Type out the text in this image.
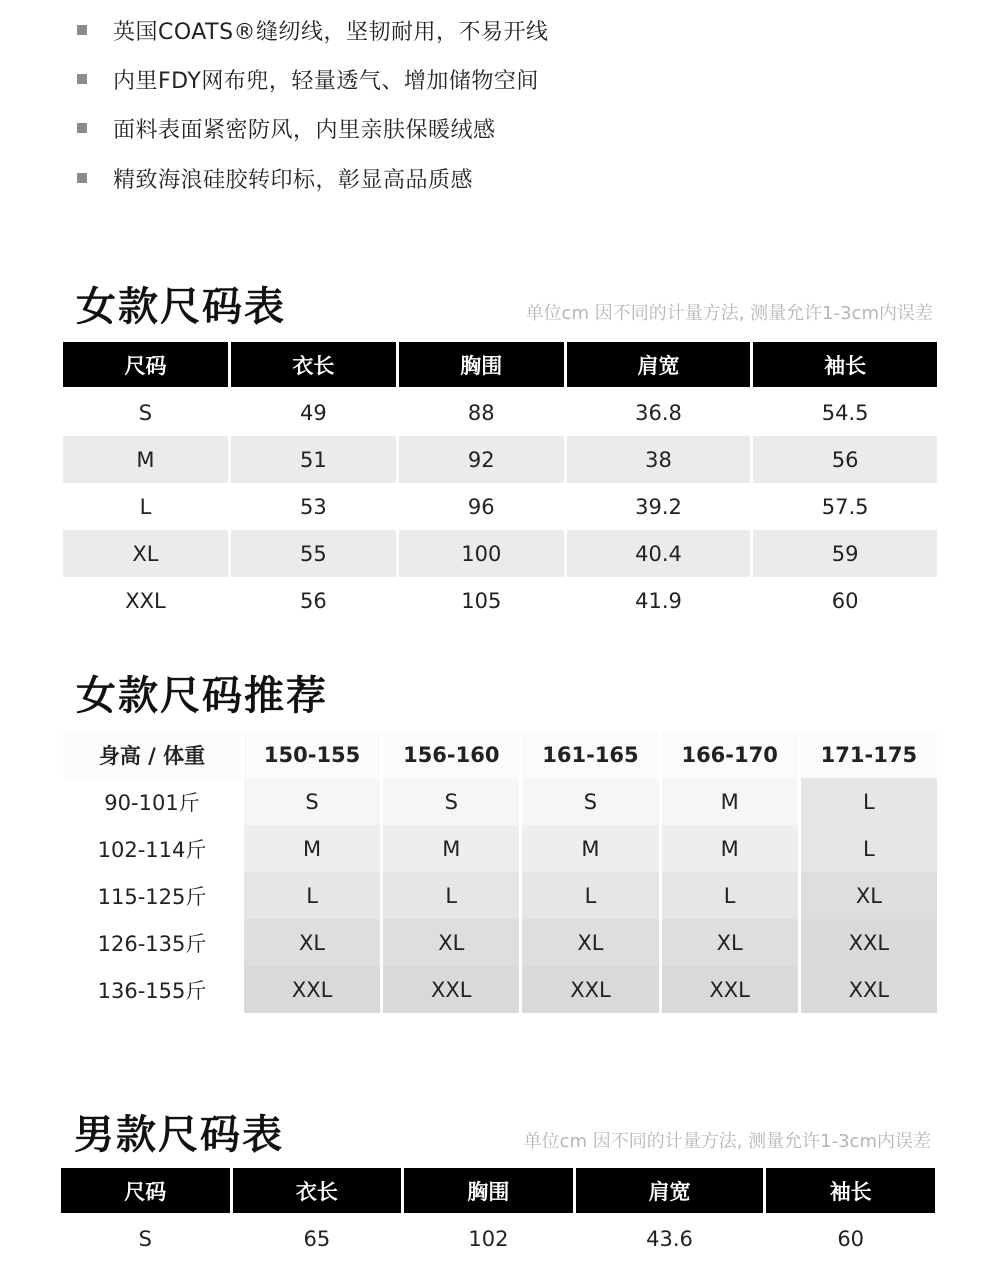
英国COATS®缝纫线，坚韧耐用，不易开线
内里FDY网布兜，轻量透气、增加储物空间
面料表面紧密防风，内里亲肤保暖绒感
精致海浪硅胶转印标，彰显高品质感
女款尺码表	单位cm 因不同的计量方法, 测量允许1-3cm内误差
尺码	衣长	胸围	肩宽	袖长
S	49	88	36.8	54.5
M	51	92	38	56
L	53	96	39.2	57.5
XL	55	100	40.4	59
XXL	56	105	41.9	60
女款尺码推荐
身高 / 体重	150-155	156-160	161-165	166-170	171-175
90-101斤	S	S	S	M	L
102-114斤	M	M	M	M	L
115-125斤	L	L	L	L	XL
126-135斤	XL	XL	XL	XL	XXL
136-155斤	XXL	XXL	XXL	XXL	XXL
男款尺码表	单位cm 因不同的计量方法, 测量允许1-3cm内误差
尺码	衣长	胸围	肩宽	袖长
S	65	102	43.6	60
